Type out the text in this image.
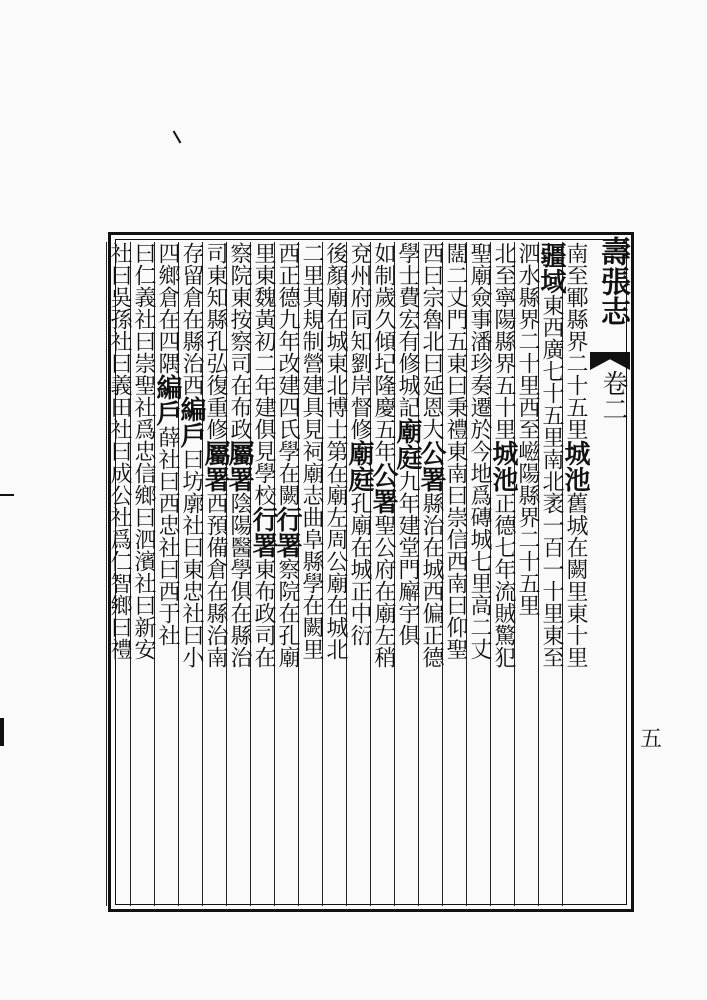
壽張志
卷二
五
南至鄆縣界二十五里城池舊城在闕里東十里
疆域東西廣七十五里南北袤一百一十里東至
泗水縣界二十里西至嵫陽縣界二十五里
北至寧陽縣界五十里城池正德七年流賊驚犯
聖廟僉事潘珍奏遷於今地爲磚城七里高二丈
闊二丈門五東曰秉禮東南曰崇信西南曰仰聖
西曰宗魯北曰延恩大公署縣治在城西偏正德
學士費宏有修城記廟庭九年建堂門廨宇俱
如制歲久傾圮隆慶五年公署聖公府在廟左稍
兗州府同知劉岸督修廟庭孔廟在城正中衍
後顏廟在城東北博士第在廟左周公廟在城北
二里其規制營建具見祠廟志曲阜縣學在闕里
西正德九年改建四氏學在闕行署察院在孔廟
里東魏黃初二年建俱見學校行署東布政司在
察院東按察司在布政屬署陰陽醫學俱在縣治
司東知縣孔弘復重修屬署西預備倉在縣治南
存留倉在縣治西編戶曰坊廓社曰東忠社曰小
四鄉倉在四隅編戶薛社曰西忠社曰西于社
曰仁義社曰崇聖社爲忠信鄉曰泗濱社曰新安
社曰吳孫社曰義田社曰成公社爲仁智鄉曰禮
